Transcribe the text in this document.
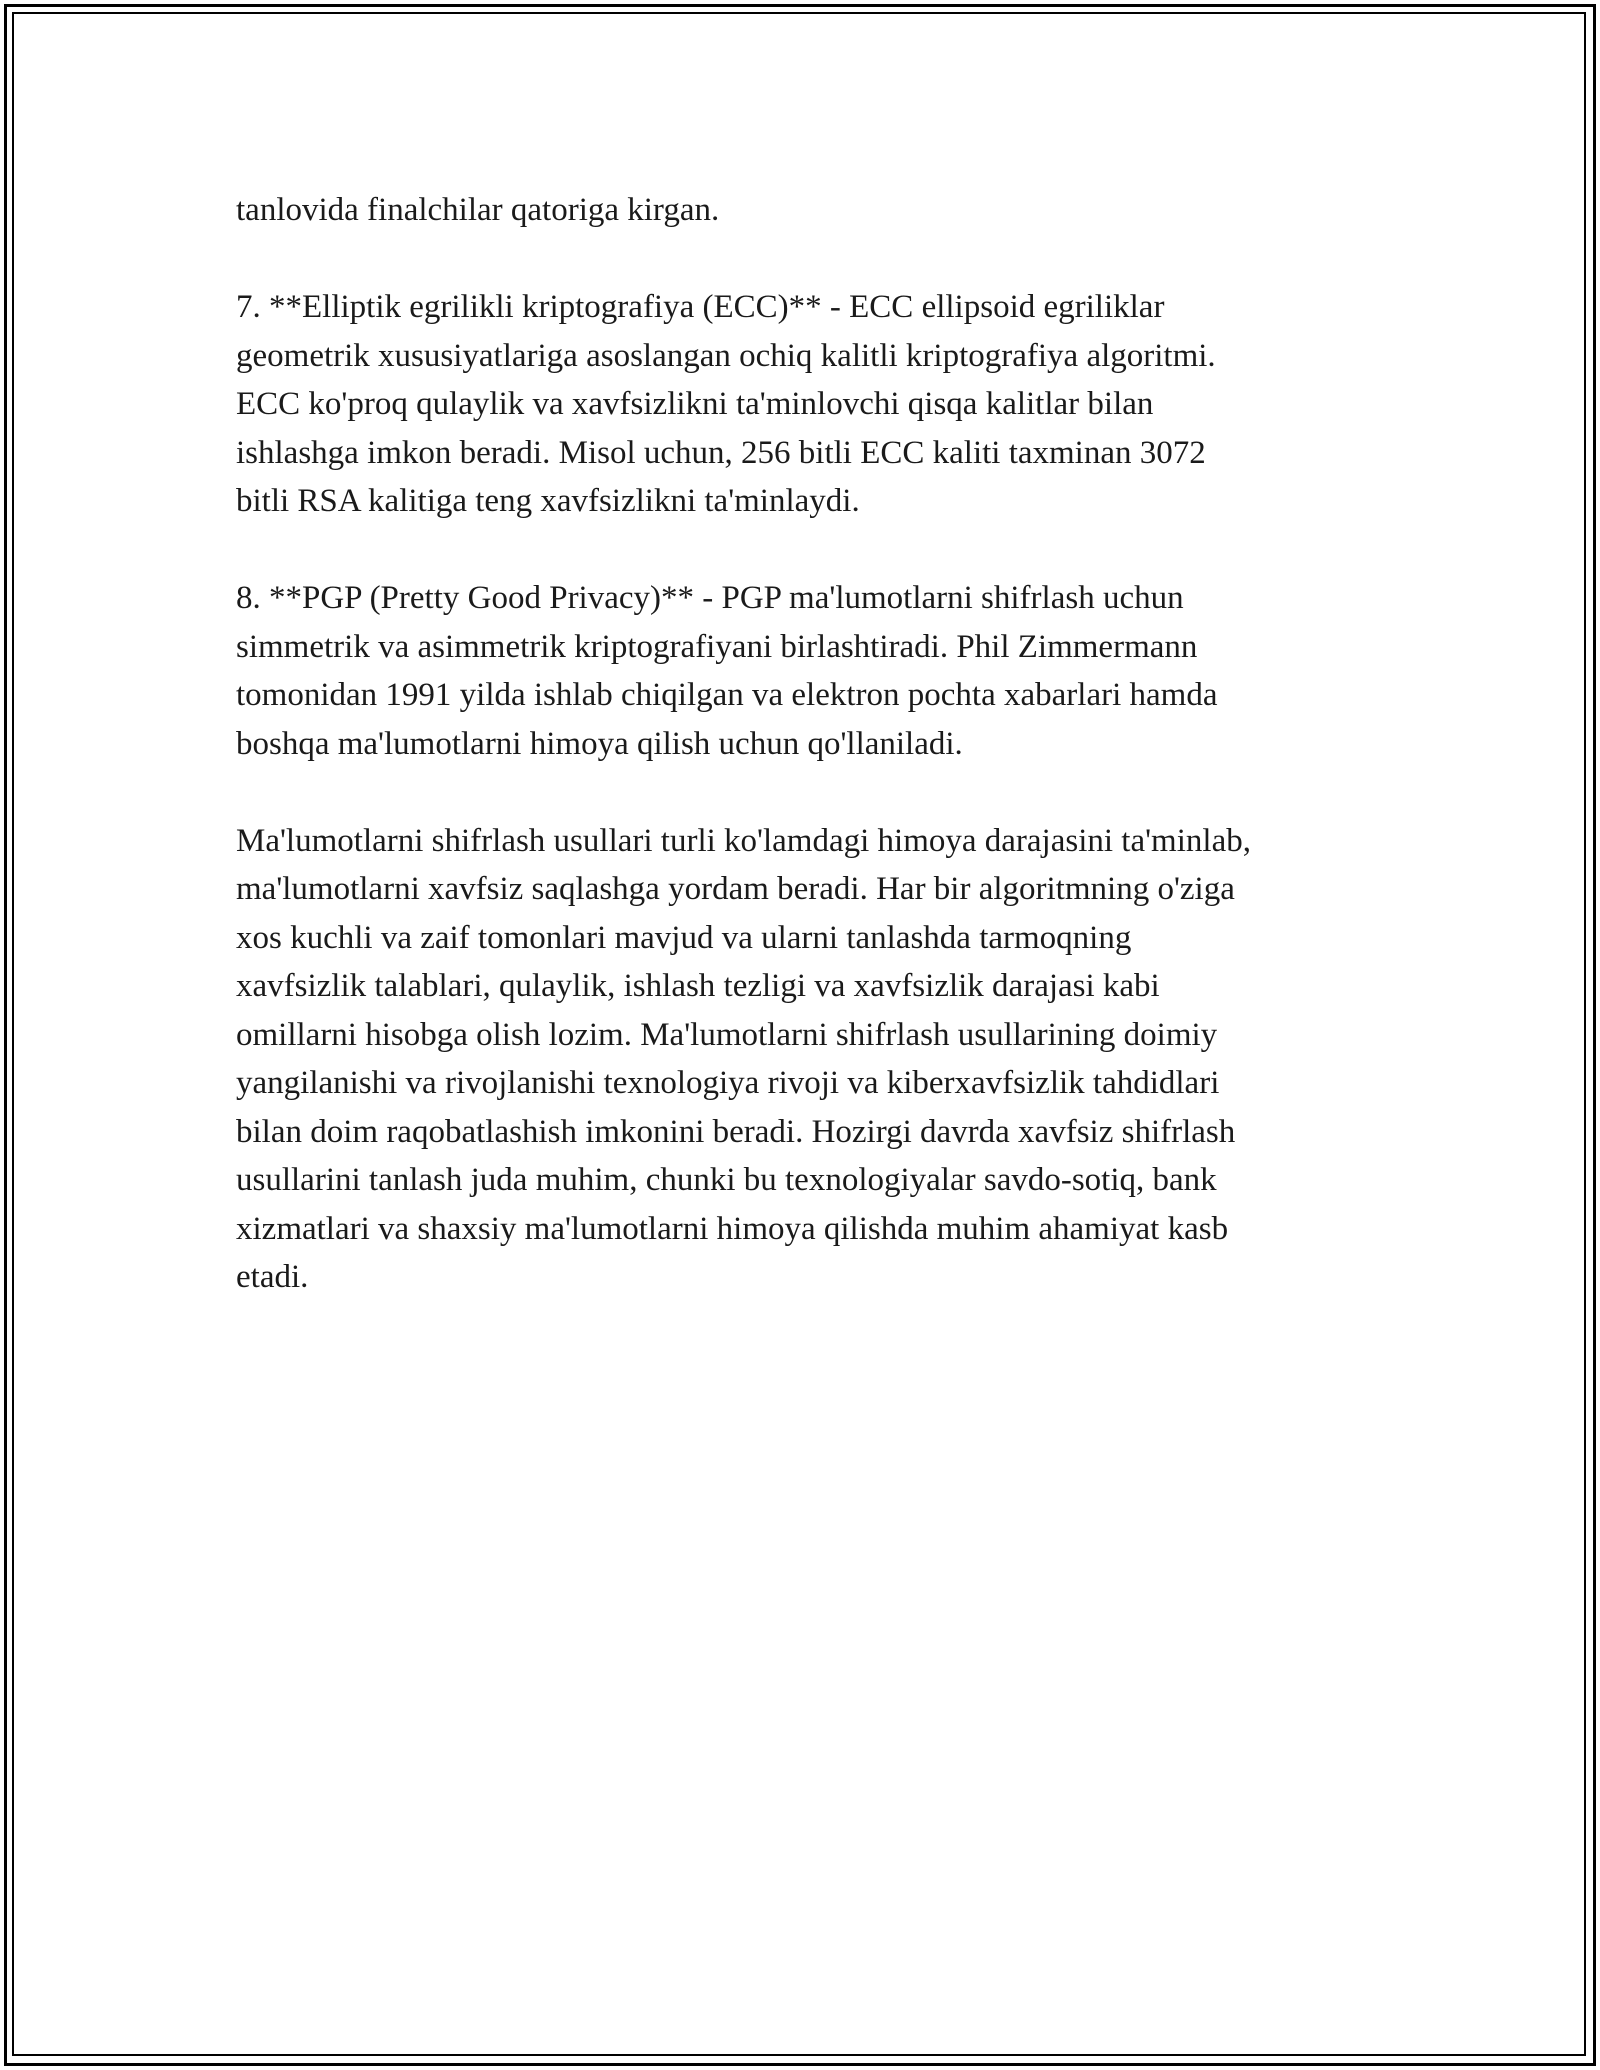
tanlovida finalchilar qatoriga kirgan.

7. **Elliptik egrilikli kriptografiya (ECC)** - ECC ellipsoid egriliklar
geometrik xususiyatlariga asoslangan ochiq kalitli kriptografiya algoritmi.
ECC ko'proq qulaylik va xavfsizlikni ta'minlovchi qisqa kalitlar bilan
ishlashga imkon beradi. Misol uchun, 256 bitli ECC kaliti taxminan 3072
bitli RSA kalitiga teng xavfsizlikni ta'minlaydi.

8. **PGP (Pretty Good Privacy)** - PGP ma'lumotlarni shifrlash uchun
simmetrik va asimmetrik kriptografiyani birlashtiradi. Phil Zimmermann
tomonidan 1991 yilda ishlab chiqilgan va elektron pochta xabarlari hamda
boshqa ma'lumotlarni himoya qilish uchun qo'llaniladi.

Ma'lumotlarni shifrlash usullari turli ko'lamdagi himoya darajasini ta'minlab,
ma'lumotlarni xavfsiz saqlashga yordam beradi. Har bir algoritmning o'ziga
xos kuchli va zaif tomonlari mavjud va ularni tanlashda tarmoqning
xavfsizlik talablari, qulaylik, ishlash tezligi va xavfsizlik darajasi kabi
omillarni hisobga olish lozim. Ma'lumotlarni shifrlash usullarining doimiy
yangilanishi va rivojlanishi texnologiya rivoji va kiberxavfsizlik tahdidlari
bilan doim raqobatlashish imkonini beradi. Hozirgi davrda xavfsiz shifrlash
usullarini tanlash juda muhim, chunki bu texnologiyalar savdo-sotiq, bank
xizmatlari va shaxsiy ma'lumotlarni himoya qilishda muhim ahamiyat kasb
etadi.
